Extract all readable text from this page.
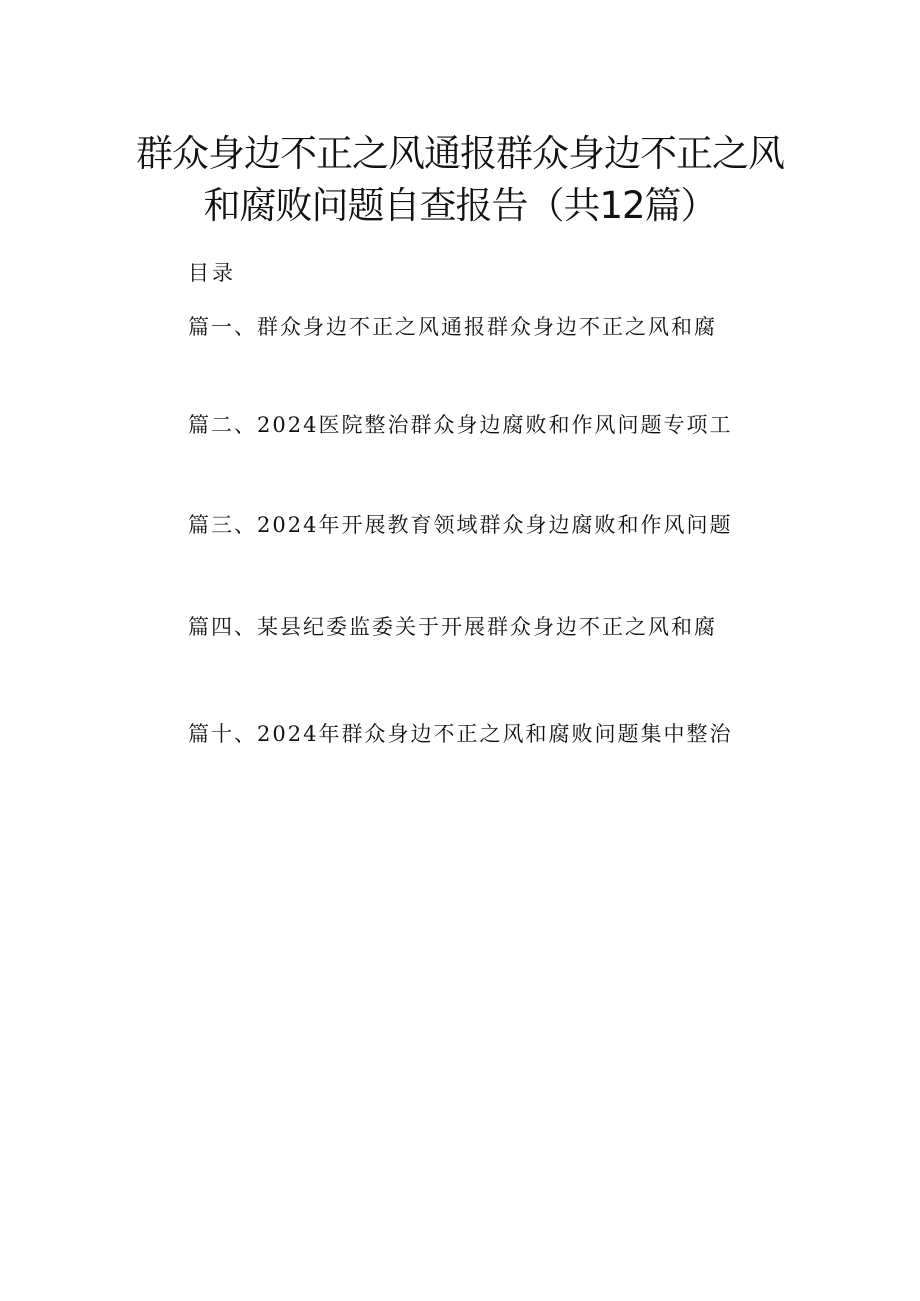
群众身边不正之风通报群众身边不正之风
和腐败问题自查报告（共12篇）
目录
篇一、群众身边不正之风通报群众身边不正之风和腐
篇二、2024医院整治群众身边腐败和作风问题专项工
篇三、2024年开展教育领域群众身边腐败和作风问题
篇四、某县纪委监委关于开展群众身边不正之风和腐
篇十、2024年群众身边不正之风和腐败问题集中整治
